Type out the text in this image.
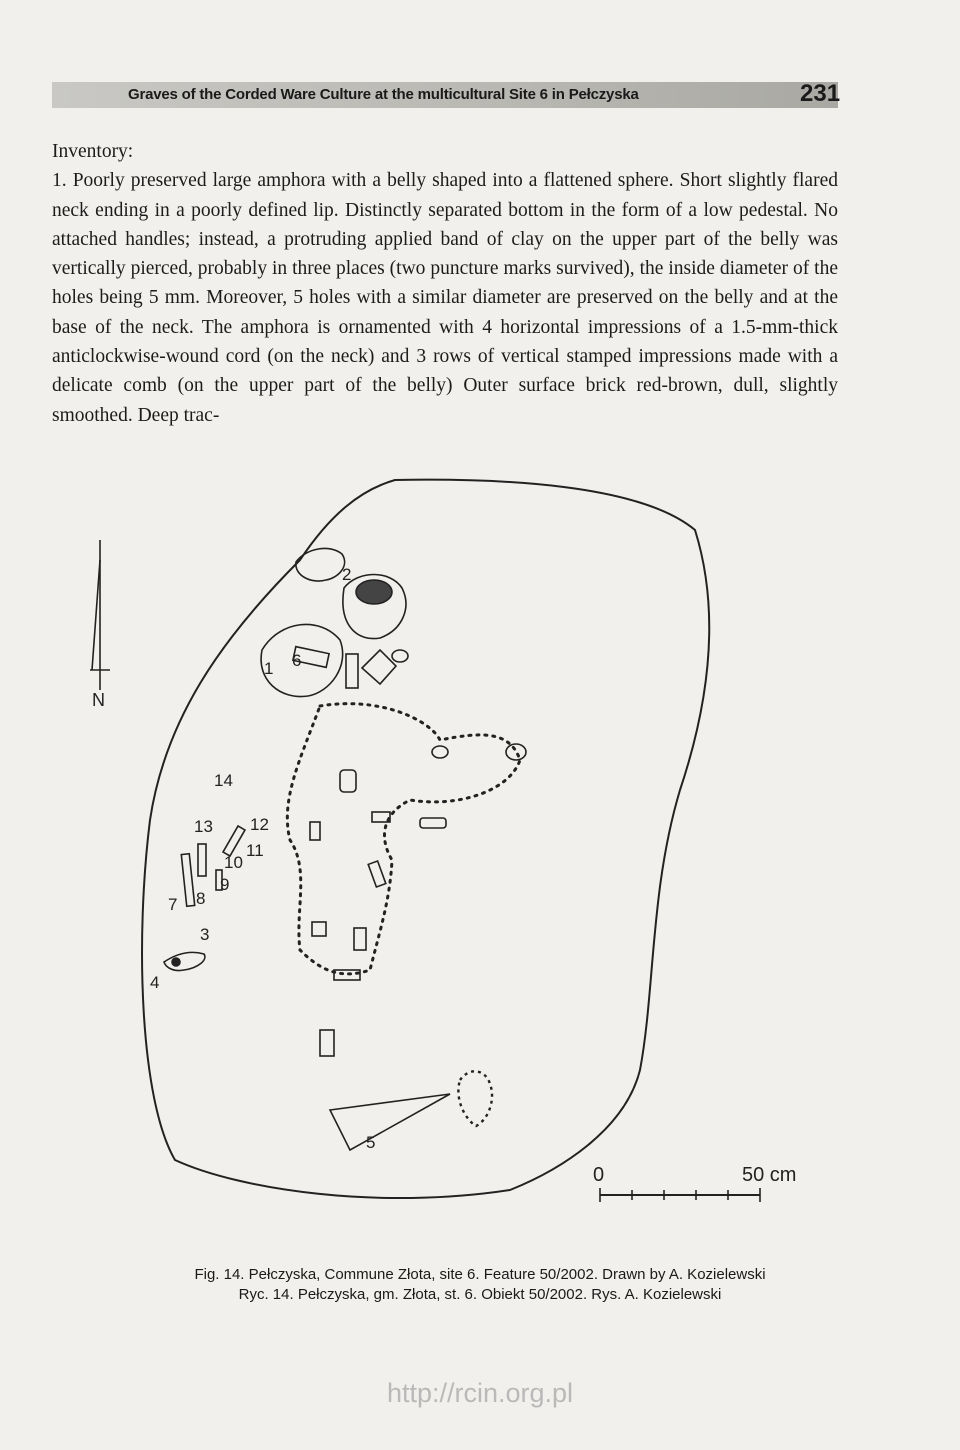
Graves of the Corded Ware Culture at the multicultural Site 6 in Pełczyska	231

Inventory:

1. Poorly preserved large amphora with a belly shaped into a flattened sphere. Short slightly flared neck ending in a poorly defined lip. Distinctly separated bottom in the form of a low pedestal. No attached handles; instead, a protruding applied band of clay on the upper part of the belly was vertically pierced, probably in three places (two puncture marks survived), the inside diameter of the holes being 5 mm. Moreover, 5 holes with a similar diameter are preserved on the belly and at the base of the neck. The amphora is ornamented with 4 horizontal impressions of a 1.5-mm-thick anticlockwise-wound cord (on the neck) and 3 rows of vertical stamped impressions made with a delicate comb (on the upper part of the belly) Outer surface brick red-brown, dull, slightly smoothed. Deep trac-

N
1
2
3
4
5
6
7 8
9
10
11
12
13
14
0	50 cm
Fig. 14. Pełczyska, Commune Złota, site 6. Feature 50/2002. Drawn by A. Kozielewski
Ryc. 14. Pełczyska, gm. Złota, st. 6. Obiekt 50/2002. Rys. A. Kozielewski
http://rcin.org.pl
